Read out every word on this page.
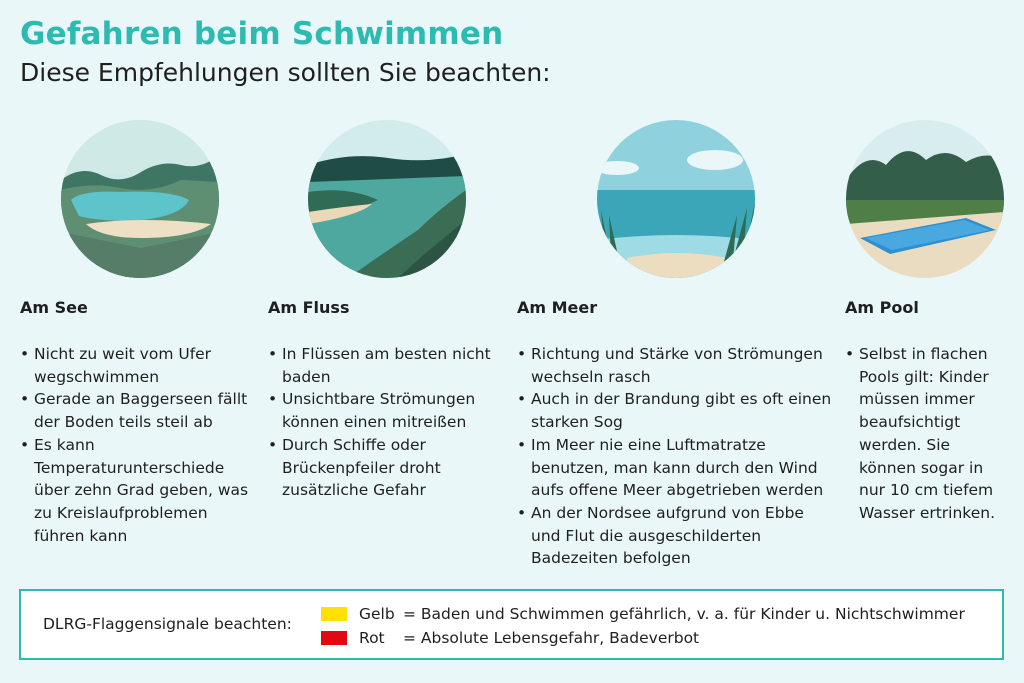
Gefahren beim Schwimmen
Diese Empfehlungen sollten Sie beachten:
Am See
• Nicht zu weit vom Ufer wegschwimmen
• Gerade an Baggerseen fällt der Boden teils steil ab
• Es kann Temperaturunterschiede über zehn Grad geben, was zu Kreislaufproblemen führen kann
Am Fluss
• In Flüssen am besten nicht baden
• Unsichtbare Strömungen können einen mitreißen
• Durch Schiffe oder Brückenpfeiler droht zusätzliche Gefahr
Am Meer
• Richtung und Stärke von Strömungen wechseln rasch
• Auch in der Brandung gibt es oft einen starken Sog
• Im Meer nie eine Luftmatratze benutzen, man kann durch den Wind aufs offene Meer abgetrieben werden
• An der Nordsee aufgrund von Ebbe und Flut die ausgeschilderten Badezeiten befolgen
Am Pool
• Selbst in flachen Pools gilt: Kinder müssen immer beaufsichtigt werden. Sie können sogar in nur 10 cm tiefem Wasser ertrinken.
DLRG-Flaggensignale beachten:
Gelb = Baden und Schwimmen gefährlich, v. a. für Kinder u. Nichtschwimmer
Rot	= Absolute Lebensgefahr, Badeverbot
